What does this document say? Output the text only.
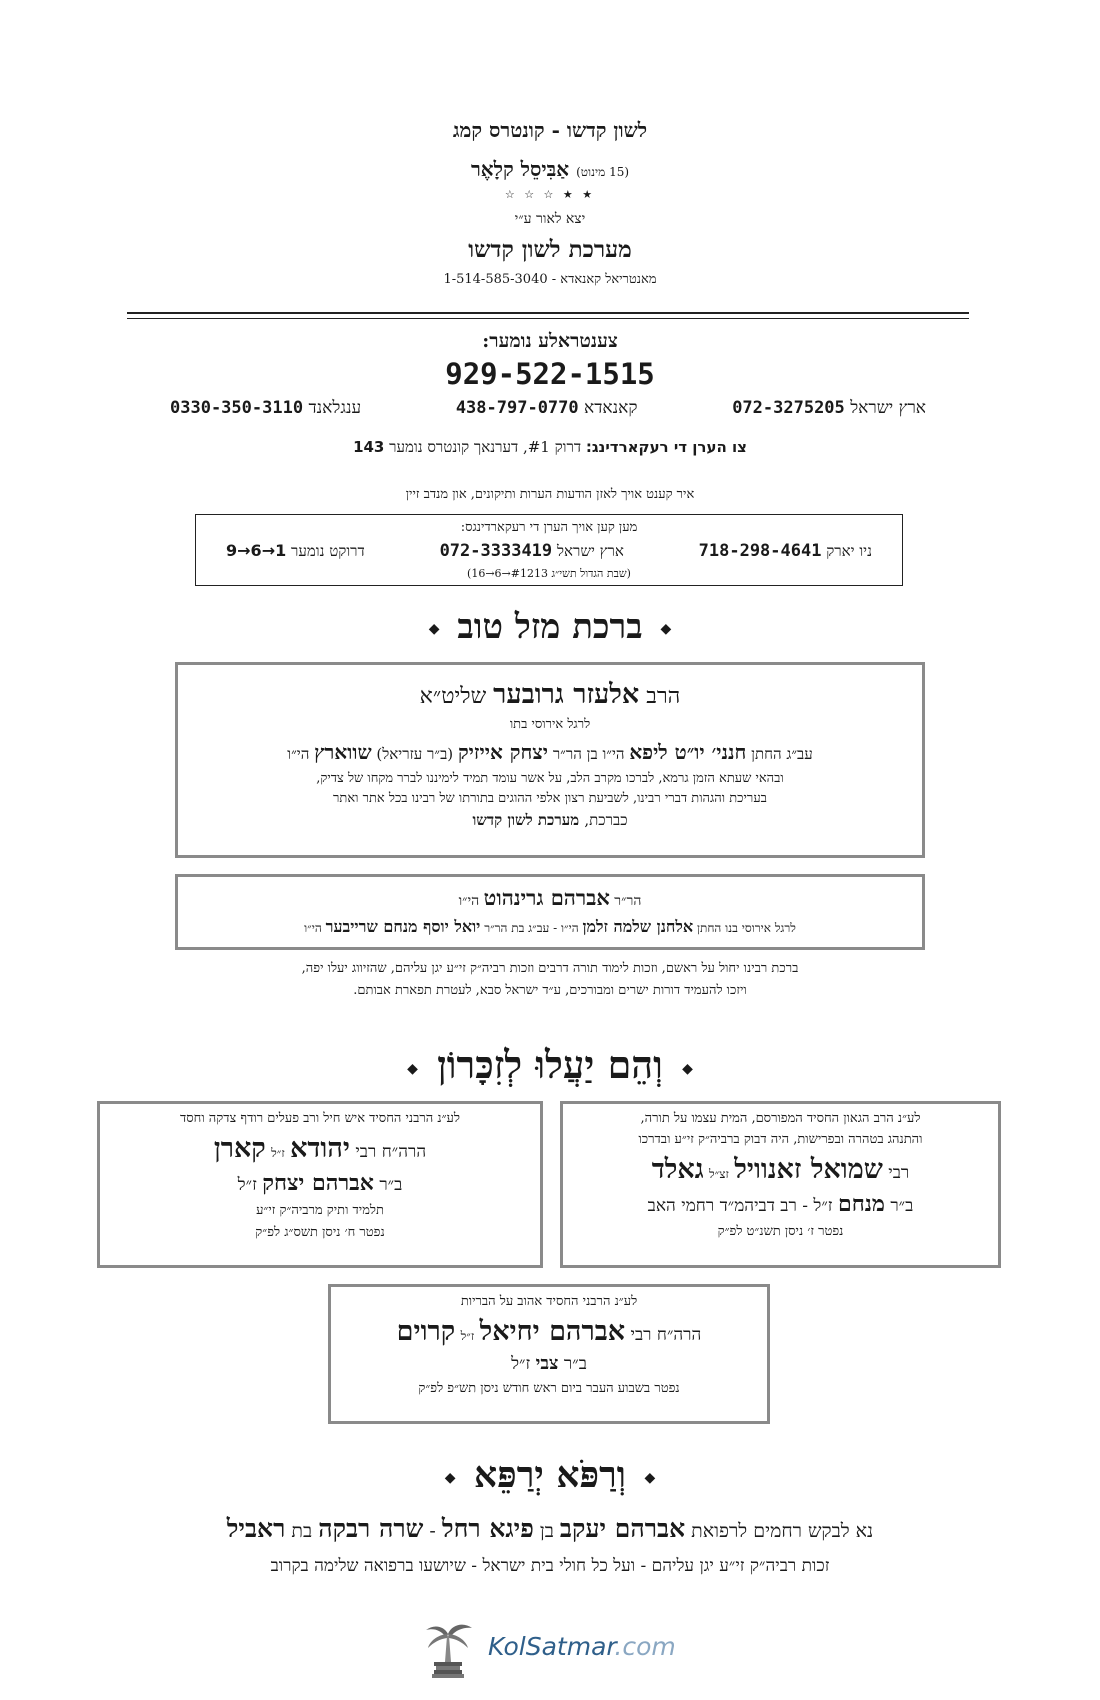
לשון קדשו - קונטרס קמג
(15 מינוט) אַבִּיסֵל קלָאֶר
★ ★ ☆ ☆ ☆
יצא לאור ע״י
מערכת לשון קדשו
מאנטריאל קאנאדא - 1-514-585-3040
צענטראלע נומער:
929-522-1515
ארץ ישראל 072-3275205
קאנאדא 438-797-0770
ענגלאנד 0330-350-3110
צו הערן די רעקארדינג: דרוק #1, דערנאך קונטרס נומער 143
איר קענט אויך לאזן הודעות הערות ותיקונים, און מנדב זיין
מען קען אויך הערן די רעקארדינגס:
ניו יארק 718-298-4641
ארץ ישראל 072-3333419
דרוקט נומער 9→6→1
(שבת הגדול תשי״ג #1213→6→16)
◆ ברכת מזל טוב ◆
הרב אלעזר גרובער שליט״א
לרגל אירוסי בתו
עב״ג החתן חנני׳ יו״ט ליפא הי״ו בן הר״ר יצחק אייזיק (ב״ר עזריאל) שווארץ הי״ו
ובהאי שעתא הזמן גרמא, לברכו מקרב הלב, על אשר עומד תמיד לימיננו לברר מקחו של צדיק,
בעריכת והגהות דברי רבינו, לשביעת רצון אלפי ההוגים בתורתו של רבינו בכל אתר ואתר
כברכת, מערכת לשון קדשו
הר״ר אברהם גרינהוט הי״ו
לרגל אירוסי בנו החתן אלחנן שלמה זלמן הי״ו - עב״ג בת הר״ר יואל יוסף מנחם שרייבער הי״ו
ברכת רבינו יחול על ראשם, וזכות לימוד תורה דרבים וזכות רביה״ק זי״ע יגן עליהם, שהזיווג יעלו יפה,
ויזכו להעמיד דורות ישרים ומבורכים, ע״ד ישראל סבא, לעטרת תפארת אבותם.
◆ וְהֵם יַעֲלוּ לְזִכָּרוֹן ◆
לע״נ הרב הגאון החסיד המפורסם, המית עצמו על תורה,
והתנהג בטהרה ובפרישות, היה דבוק ברביה״ק זי״ע ובדרכו
רבי שמואל זאנוויל זצ״ל גאלד
ב״ר מנחם ז״ל - רב דביהמ״ד רחמי האב
נפטר ז׳ ניסן תשנ״ט לפ״ק
לע״נ הרבני החסיד איש חיל ורב פעלים רודף צדקה וחסד
הרה״ח רבי יהודא ז״ל קארן
ב״ר אברהם יצחק ז״ל
תלמיד ותיק מרביה״ק זי״ע
נפטר ח׳ ניסן תשס״ג לפ״ק
לע״נ הרבני החסיד אהוב על הבריות
הרה״ח רבי אברהם יחיאל ז״ל קרוים
ב״ר צבי ז״ל
נפטר בשבוע העבר ביום ראש חודש ניסן תש״פ לפ״ק
◆ וְרַפֹּא יְרַפֵּא ◆
נא לבקש רחמים לרפואת אברהם יעקב בן פיגא רחל - שרה רבקה בת ראביל
זכות רביה״ק זי״ע יגן עליהם - ועל כל חולי בית ישראל - שיושעו ברפואה שלימה בקרוב
KolSatmar.com
